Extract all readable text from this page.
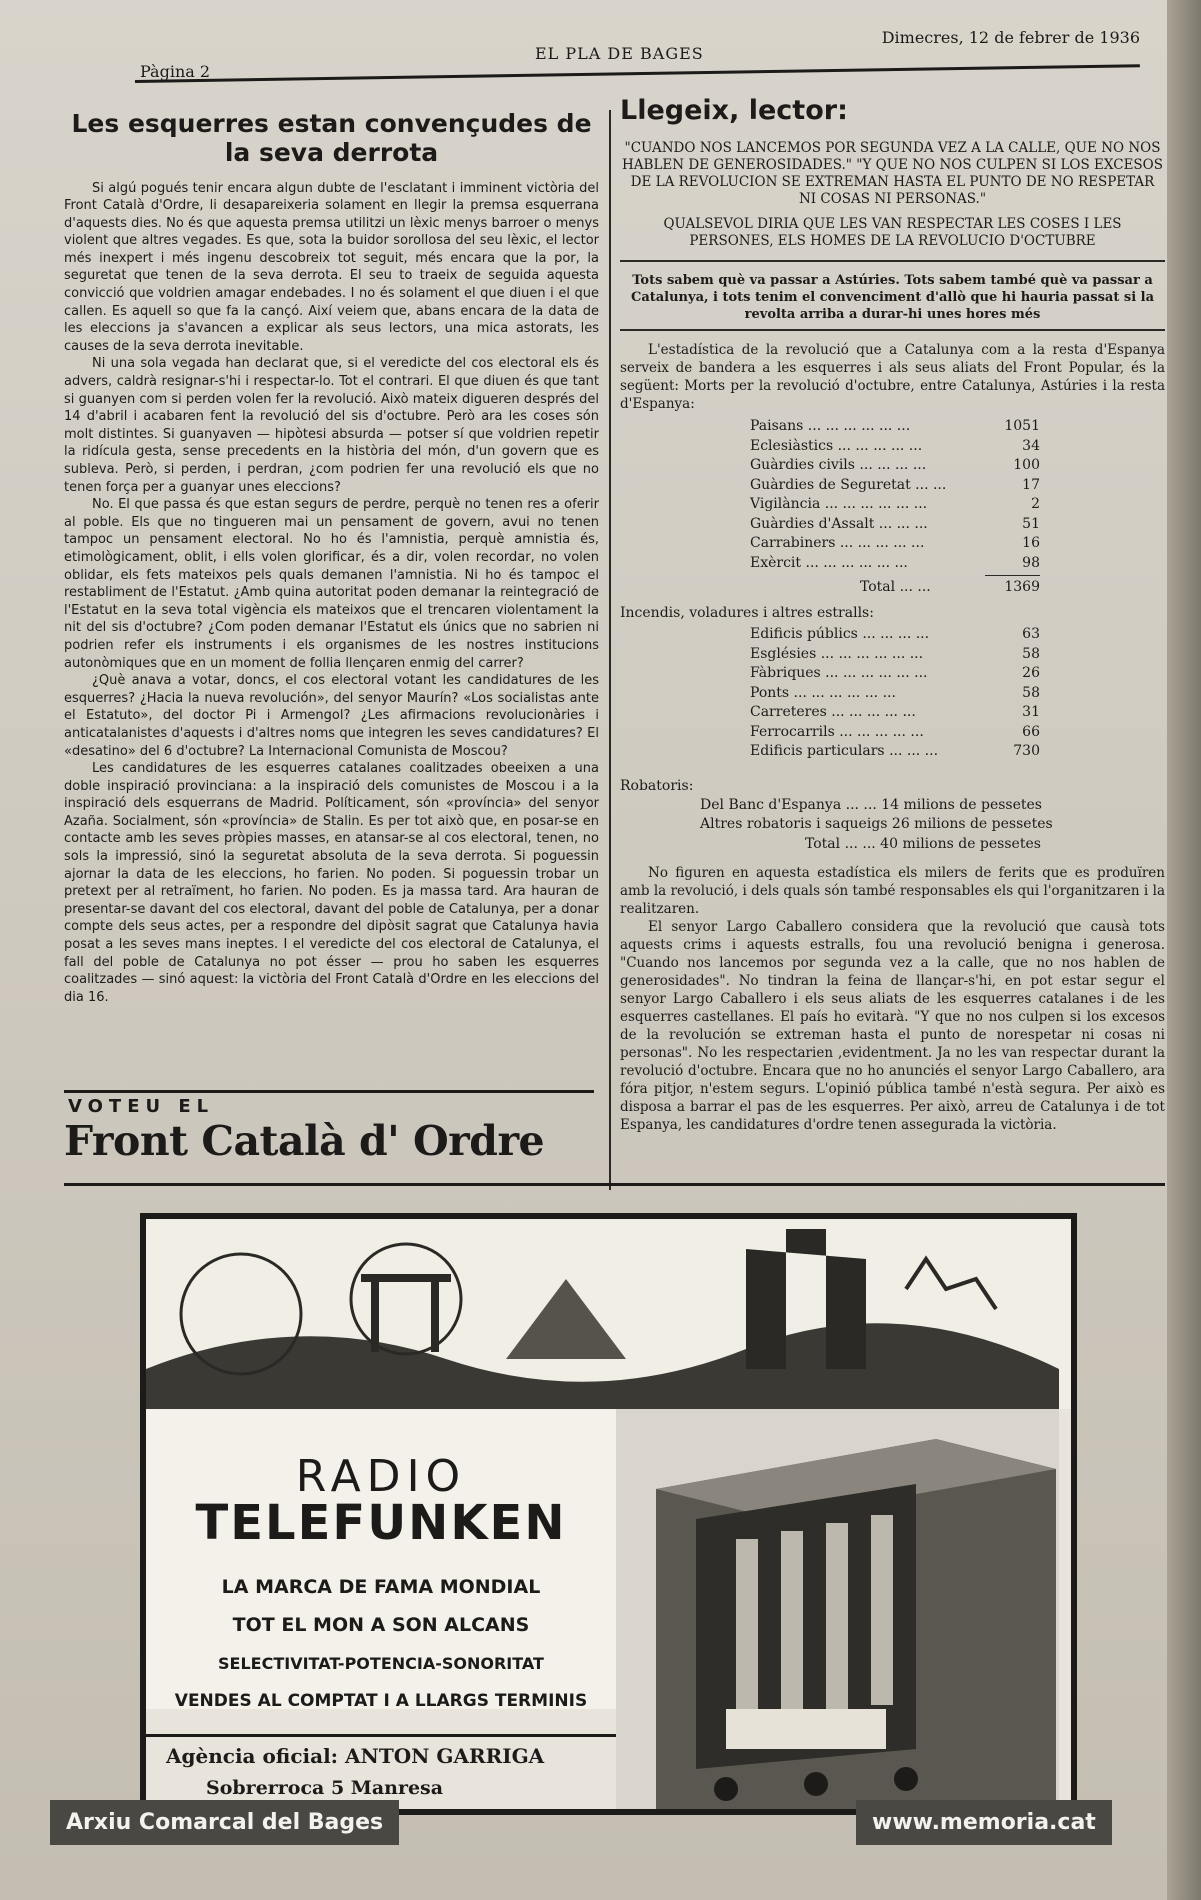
Pàgina 2
EL PLA DE BAGES
Dimecres, 12 de febrer de 1936
Les esquerres estan convençudes de la seva derrota

Si algú pogués tenir encara algun dubte de l'esclatant i imminent victòria del Front Català d'Ordre, li desapareixeria solament en llegir la premsa esquerrana d'aquests dies. No és que aquesta premsa utilitzi un lèxic menys barroer o menys violent que altres vegades. Es que, sota la buidor sorollosa del seu lèxic, el lector més inexpert i més ingenu descobreix tot seguit, més encara que la por, la seguretat que tenen de la seva derrota. El seu to traeix de seguida aquesta convicció que voldrien amagar endebades. I no és solament el que diuen i el que callen. Es aquell so que fa la cançó. Així veiem que, abans encara de la data de les eleccions ja s'avancen a explicar als seus lectors, una mica astorats, les causes de la seva derrota inevitable.

Ni una sola vegada han declarat que, si el veredicte del cos electoral els és advers, caldrà resignar-s'hi i respectar-lo. Tot el contrari. El que diuen és que tant si guanyen com si perden volen fer la revolució. Això mateix digueren després del 14 d'abril i acabaren fent la revolució del sis d'octubre. Però ara les coses són molt distintes. Si guanyaven — hipòtesi absurda — potser sí que voldrien repetir la ridícula gesta, sense precedents en la història del món, d'un govern que es subleva. Però, si perden, i perdran, ¿com podrien fer una revolució els que no tenen força per a guanyar unes eleccions?

No. El que passa és que estan segurs de perdre, perquè no tenen res a oferir al poble. Els que no tingueren mai un pensament de govern, avui no tenen tampoc un pensament electoral. No ho és l'amnistia, perquè amnistia és, etimològicament, oblit, i ells volen glorificar, és a dir, volen recordar, no volen oblidar, els fets mateixos pels quals demanen l'amnistia. Ni ho és tampoc el restabliment de l'Estatut. ¿Amb quina autoritat poden demanar la reintegració de l'Estatut en la seva total vigència els mateixos que el trencaren violentament la nit del sis d'octubre? ¿Com poden demanar l'Estatut els únics que no sabrien ni podrien refer els instruments i els organismes de les nostres institucions autonòmiques que en un moment de follia llençaren enmig del carrer?

¿Què anava a votar, doncs, el cos electoral votant les candidatures de les esquerres? ¿Hacia la nueva revolución», del senyor Maurín? «Los socialistas ante el Estatuto», del doctor Pi i Armengol? ¿Les afirmacions revolucionàries i anticatalanistes d'aquests i d'altres noms que integren les seves candidatures? El «desatino» del 6 d'octubre? La Internacional Comunista de Moscou?

Les candidatures de les esquerres catalanes coalitzades obeeixen a una doble inspiració provinciana: a la inspiració dels comunistes de Moscou i a la inspiració dels esquerrans de Madrid. Políticament, són «província» del senyor Azaña. Socialment, són «província» de Stalin. Es per tot això que, en posar-se en contacte amb les seves pròpies masses, en atansar-se al cos electoral, tenen, no sols la impressió, sinó la seguretat absoluta de la seva derrota. Si poguessin ajornar la data de les eleccions, ho farien. No poden. Si poguessin trobar un pretext per al retraïment, ho farien. No poden. Es ja massa tard. Ara hauran de presentar-se davant del cos electoral, davant del poble de Catalunya, per a donar compte dels seus actes, per a respondre del dipòsit sagrat que Catalunya havia posat a les seves mans ineptes. I el veredicte del cos electoral de Catalunya, el fall del poble de Catalunya no pot ésser — prou ho saben les esquerres coalitzades — sinó aquest: la victòria del Front Català d'Ordre en les eleccions del dia 16.

VOTEU EL
Front Català d' Ordre
Llegeix, lector:

"CUANDO NOS LANCEMOS POR SEGUNDA VEZ A LA CALLE, QUE NO NOS HABLEN DE GENEROSIDADES." "Y QUE NO NOS CULPEN SI LOS EXCESOS DE LA REVOLUCION SE EXTREMAN HASTA EL PUNTO DE NO RESPETAR NI COSAS NI PERSONAS."

QUALSEVOL DIRIA QUE LES VAN RESPECTAR LES COSES I LES PERSONES, ELS HOMES DE LA REVOLUCIO D'OCTUBRE

Tots sabem què va passar a Astúries. Tots sabem també què va passar a Catalunya, i tots tenim el convenciment d'allò que hi hauria passat si la revolta arriba a durar-hi unes hores més

L'estadística de la revolució que a Catalunya com a la resta d'Espanya serveix de bandera a les esquerres i als seus aliats del Front Popular, és la següent: Morts per la revolució d'octubre, entre Catalunya, Astúries i la resta d'Espanya:

Paisans ... ... ... ... ... ...	1051
Eclesiàstics ... ... ... ... ...	34
Guàrdies civils ... ... ... ...	100
Guàrdies de Seguretat ... ...	17
Vigilància ... ... ... ... ... ...	2
Guàrdies d'Assalt ... ... ...	51
Carrabiners ... ... ... ... ...	16
Exèrcit ... ... ... ... ... ...	98
Total ... ...	1369
Incendis, voladures i altres estralls:
Edificis públics ... ... ... ...	63
Esglésies ... ... ... ... ... ...	58
Fàbriques ... ... ... ... ... ...	26
Ponts ... ... ... ... ... ...	58
Carreteres ... ... ... ... ...	31
Ferrocarrils ... ... ... ... ...	66
Edificis particulars ... ... ...	730
Robatoris:
Del Banc d'Espanya ... ... 14 milions de pessetes
Altres robatoris i saqueigs 26 milions de pessetes
Total ... ... 40 milions de pessetes

No figuren en aquesta estadística els milers de ferits que es produïren amb la revolució, i dels quals són també responsables els qui l'organitzaren i la realitzaren.

El senyor Largo Caballero considera que la revolució que causà tots aquests crims i aquests estralls, fou una revolució benigna i generosa. "Cuando nos lancemos por segunda vez a la calle, que no nos hablen de generosidades". No tindran la feina de llançar-s'hi, en pot estar segur el senyor Largo Caballero i els seus aliats de les esquerres catalanes i de les esquerres castellanes. El país ho evitarà. "Y que no nos culpen si los excesos de la revolución se extreman hasta el punto de norespetar ni cosas ni personas". No les respectarien ,evidentment. Ja no les van respectar durant la revolució d'octubre. Encara que no ho anunciés el senyor Largo Caballero, ara fóra pitjor, n'estem segurs. L'opinió pública també n'està segura. Per això es disposa a barrar el pas de les esquerres. Per això, arreu de Catalunya i de tot Espanya, les candidatures d'ordre tenen assegurada la victòria.

RADIO
TELEFUNKEN
LA MARCA DE FAMA MONDIAL
TOT EL MON A SON ALCANS
SELECTIVITAT-POTENCIA-SONORITAT
VENDES AL COMPTAT I A LLARGS TERMINIS
Agència oficial: ANTON GARRIGA
Sobrerroca 5 Manresa
Arxiu Comarcal del Bages	www.memoria.cat
